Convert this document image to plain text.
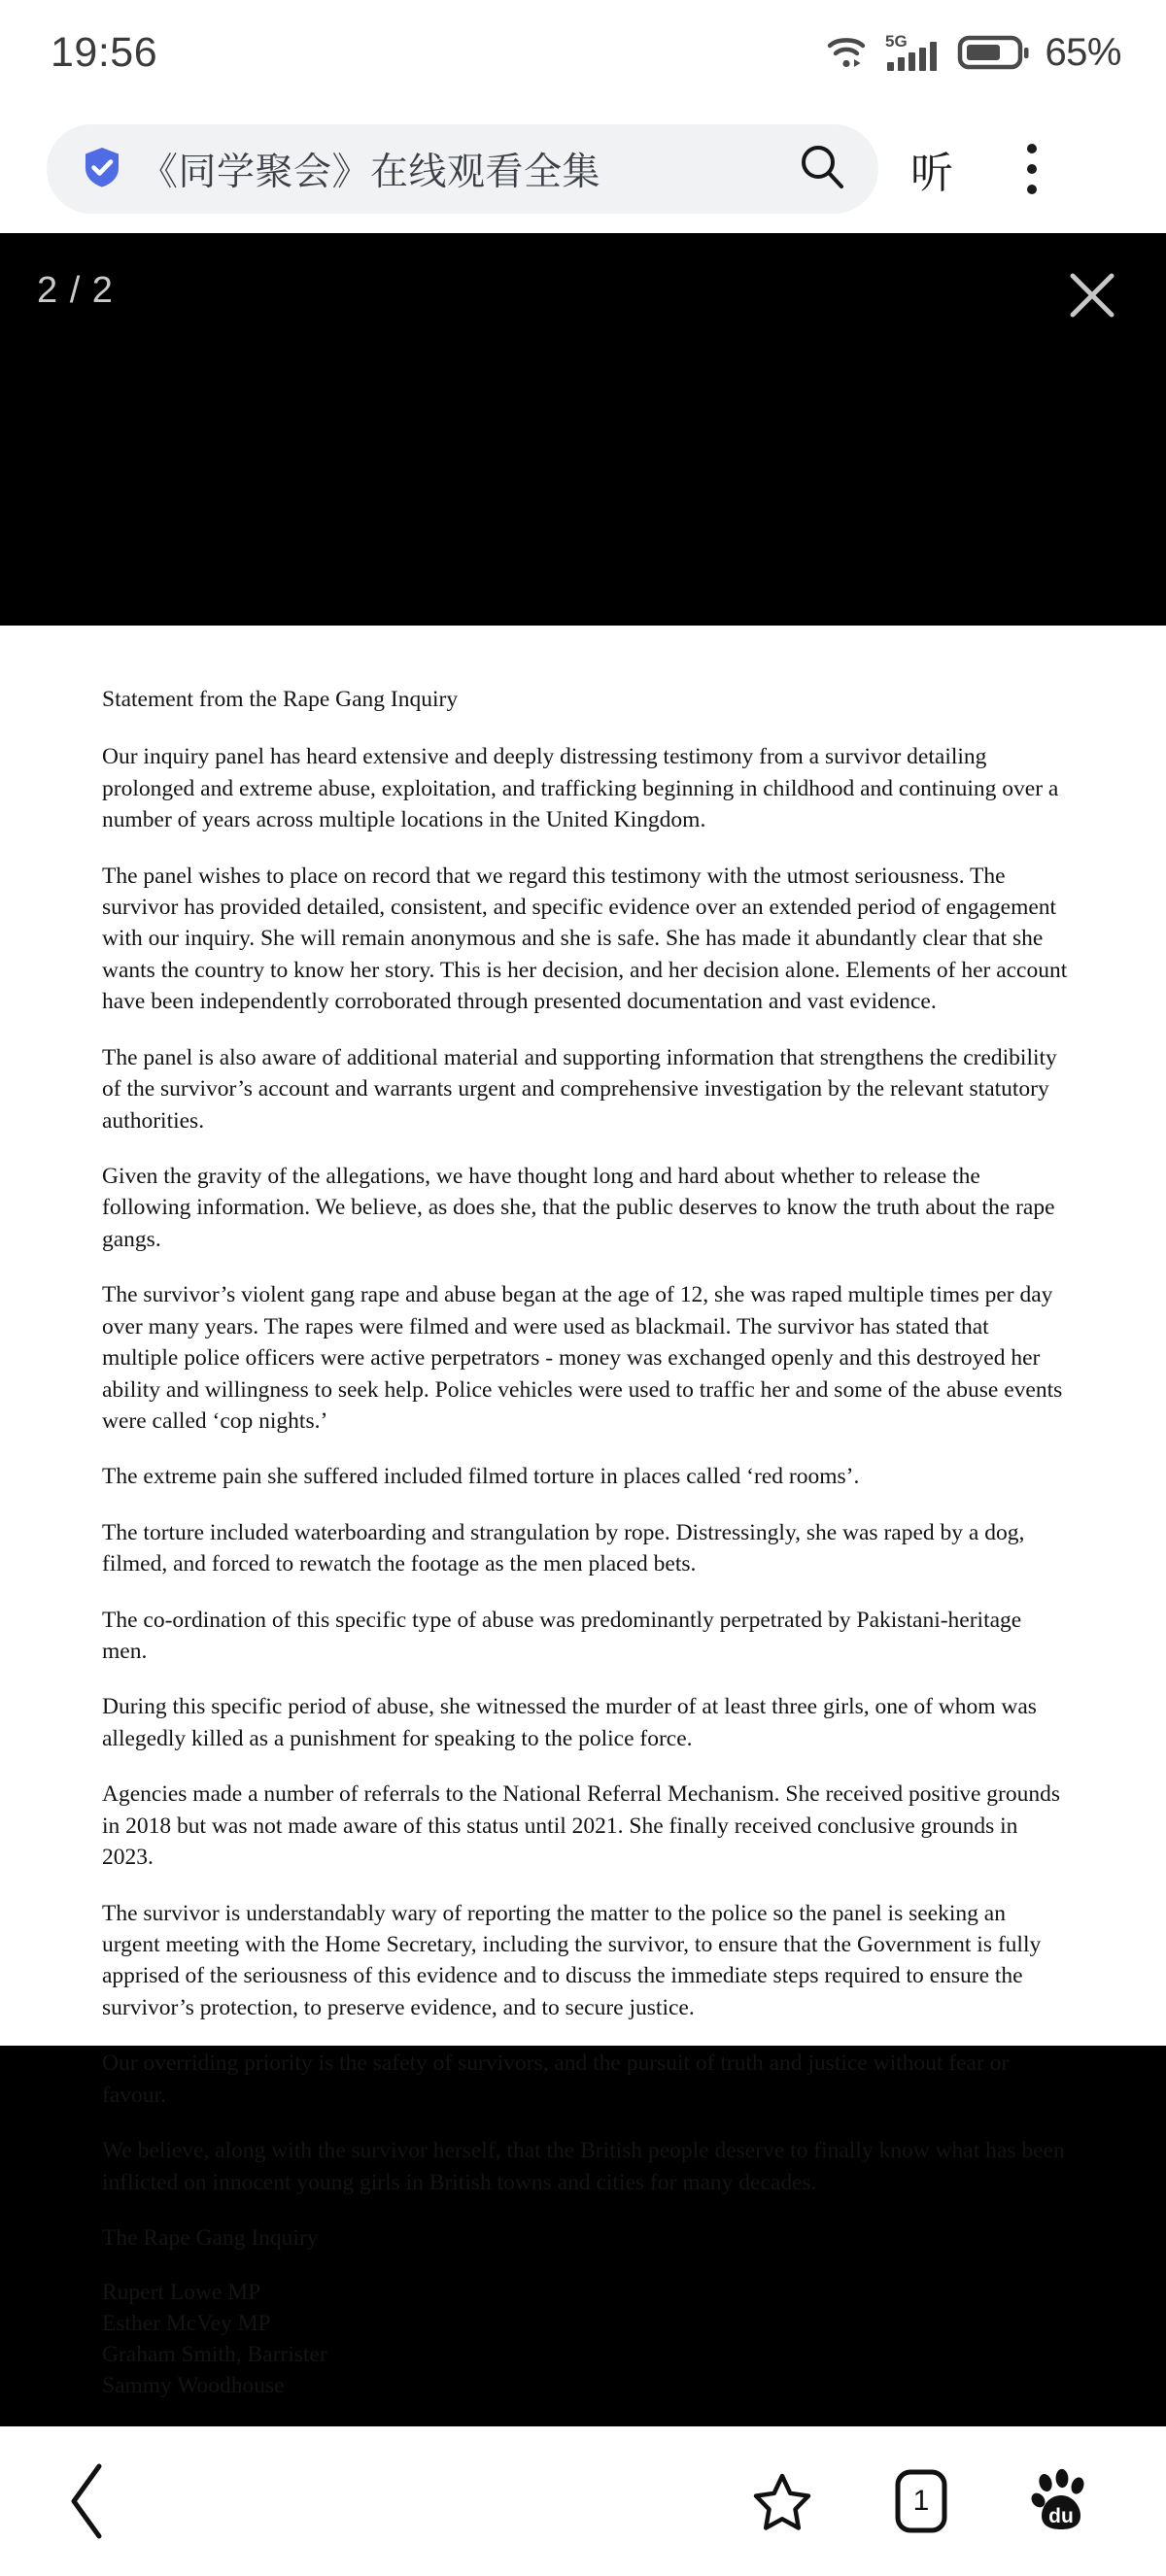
19:56	5G	65%
《同学聚会》在线观看全集	听
2 / 2
Statement from the Rape Gang Inquiry

Our inquiry panel has heard extensive and deeply distressing testimony from a survivor detailing prolonged and extreme abuse, exploitation, and trafficking beginning in childhood and continuing over a number of years across multiple locations in the United Kingdom.

The panel wishes to place on record that we regard this testimony with the utmost seriousness. The survivor has provided detailed, consistent, and specific evidence over an extended period of engagement with our inquiry. She will remain anonymous and she is safe. She has made it abundantly clear that she wants the country to know her story. This is her decision, and her decision alone. Elements of her account have been independently corroborated through presented documentation and vast evidence.

The panel is also aware of additional material and supporting information that strengthens the credibility of the survivor’s account and warrants urgent and comprehensive investigation by the relevant statutory authorities.

Given the gravity of the allegations, we have thought long and hard about whether to release the following information. We believe, as does she, that the public deserves to know the truth about the rape gangs.

The survivor’s violent gang rape and abuse began at the age of 12, she was raped multiple times per day over many years. The rapes were filmed and were used as blackmail. The survivor has stated that multiple police officers were active perpetrators - money was exchanged openly and this destroyed her ability and willingness to seek help. Police vehicles were used to traffic her and some of the abuse events were called ‘cop nights.’

The extreme pain she suffered included filmed torture in places called ‘red rooms’.

The torture included waterboarding and strangulation by rope. Distressingly, she was raped by a dog, filmed, and forced to rewatch the footage as the men placed bets.

The co-ordination of this specific type of abuse was predominantly perpetrated by Pakistani-heritage men.

During this specific period of abuse, she witnessed the murder of at least three girls, one of whom was allegedly killed as a punishment for speaking to the police force.

Agencies made a number of referrals to the National Referral Mechanism. She received positive grounds in 2018 but was not made aware of this status until 2021. She finally received conclusive grounds in 2023.

The survivor is understandably wary of reporting the matter to the police so the panel is seeking an urgent meeting with the Home Secretary, including the survivor, to ensure that the Government is fully apprised of the seriousness of this evidence and to discuss the immediate steps required to ensure the survivor’s protection, to preserve evidence, and to secure justice.

Our overriding priority is the safety of survivors, and the pursuit of truth and justice without fear or favour.

We believe, along with the survivor herself, that the British people deserve to finally know what has been inflicted on innocent young girls in British towns and cities for many decades.

The Rape Gang Inquiry
Rupert Lowe MP
Esther McVey MP
Graham Smith, Barrister
Sammy Woodhouse
1	du
